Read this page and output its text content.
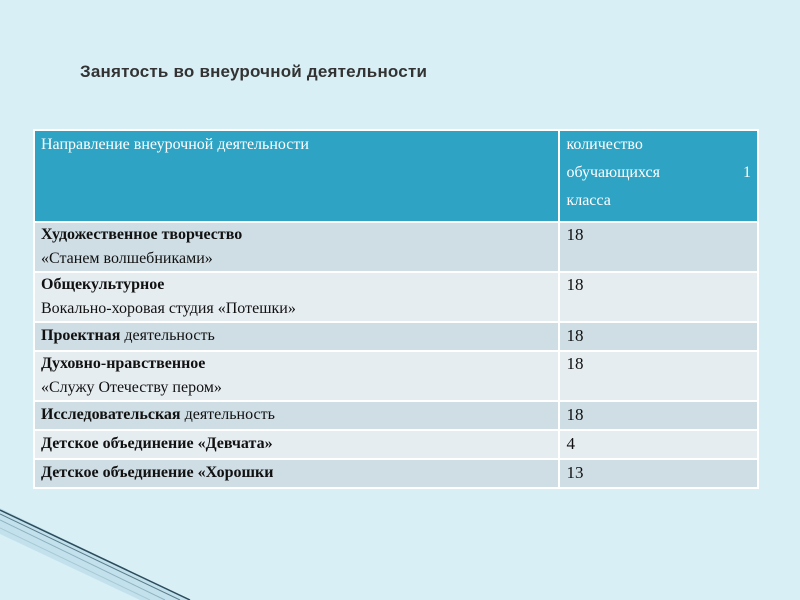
Занятость во внеурочной деятельности
Направление внеурочной деятельности	количество
обучающихся 1
класса

Художественное творчество
«Станем волшебниками»	18

Общекультурное
Вокально-хоровая студия «Потешки»	18

Проектная деятельность	18

Духовно-нравственное
«Служу Отечеству пером»	18

Исследовательская деятельность	18

Детское объединение «Девчата»	4

Детское объединение «Хорошки	13
